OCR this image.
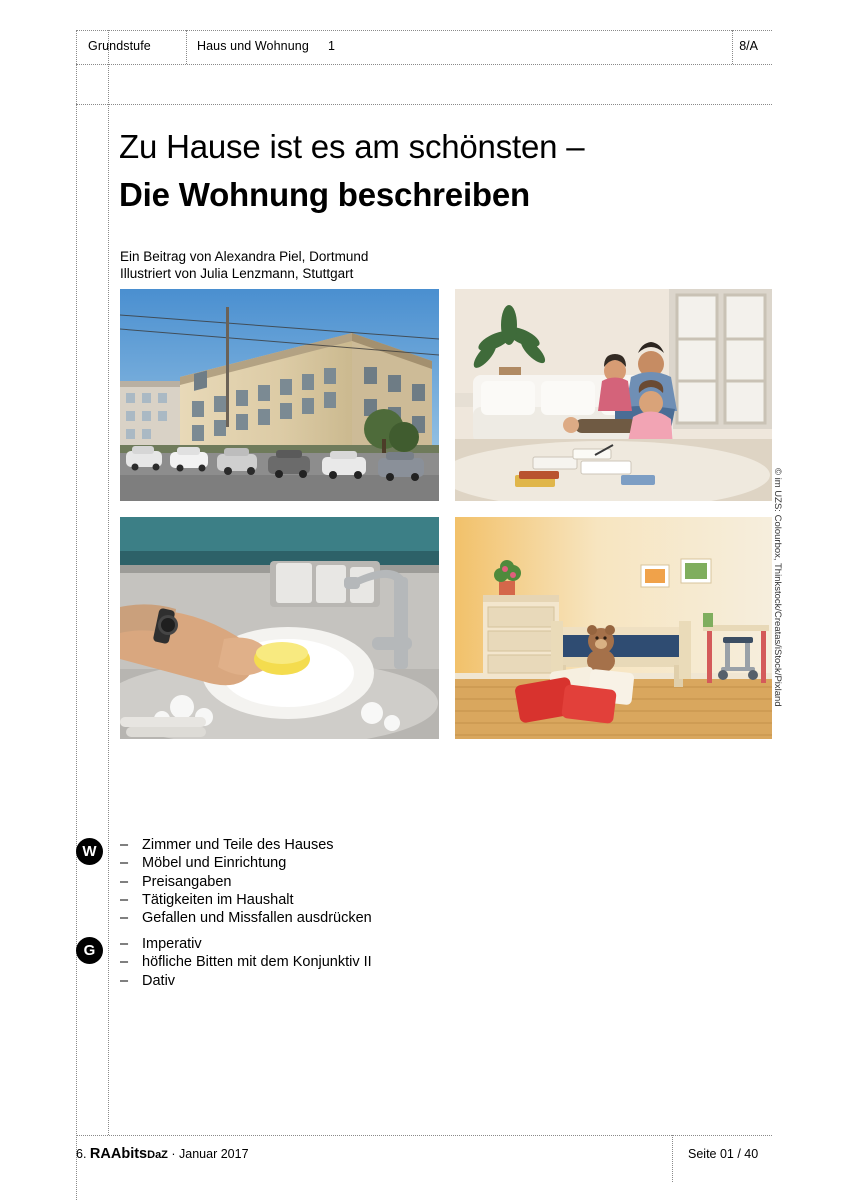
Grundstufe	Haus und Wohnung 1	8/A
Zu Hause ist es am schönsten –
Die Wohnung beschreiben
Ein Beitrag von Alexandra Piel, Dortmund
Illustriert von Julia Lenzmann, Stuttgart
© im UZS: Colourbox, Thinkstock/Creatas/iStock/Pixland
W	– Zimmer und Teile des Hauses
– Möbel und Einrichtung
– Preisangaben
– Tätigkeiten im Haushalt
– Gefallen und Missfallen ausdrücken
G	– Imperativ
– höfliche Bitten mit dem Konjunktiv II
– Dativ
6. RAAbitsDaZ · Januar 2017	Seite 01 / 40
